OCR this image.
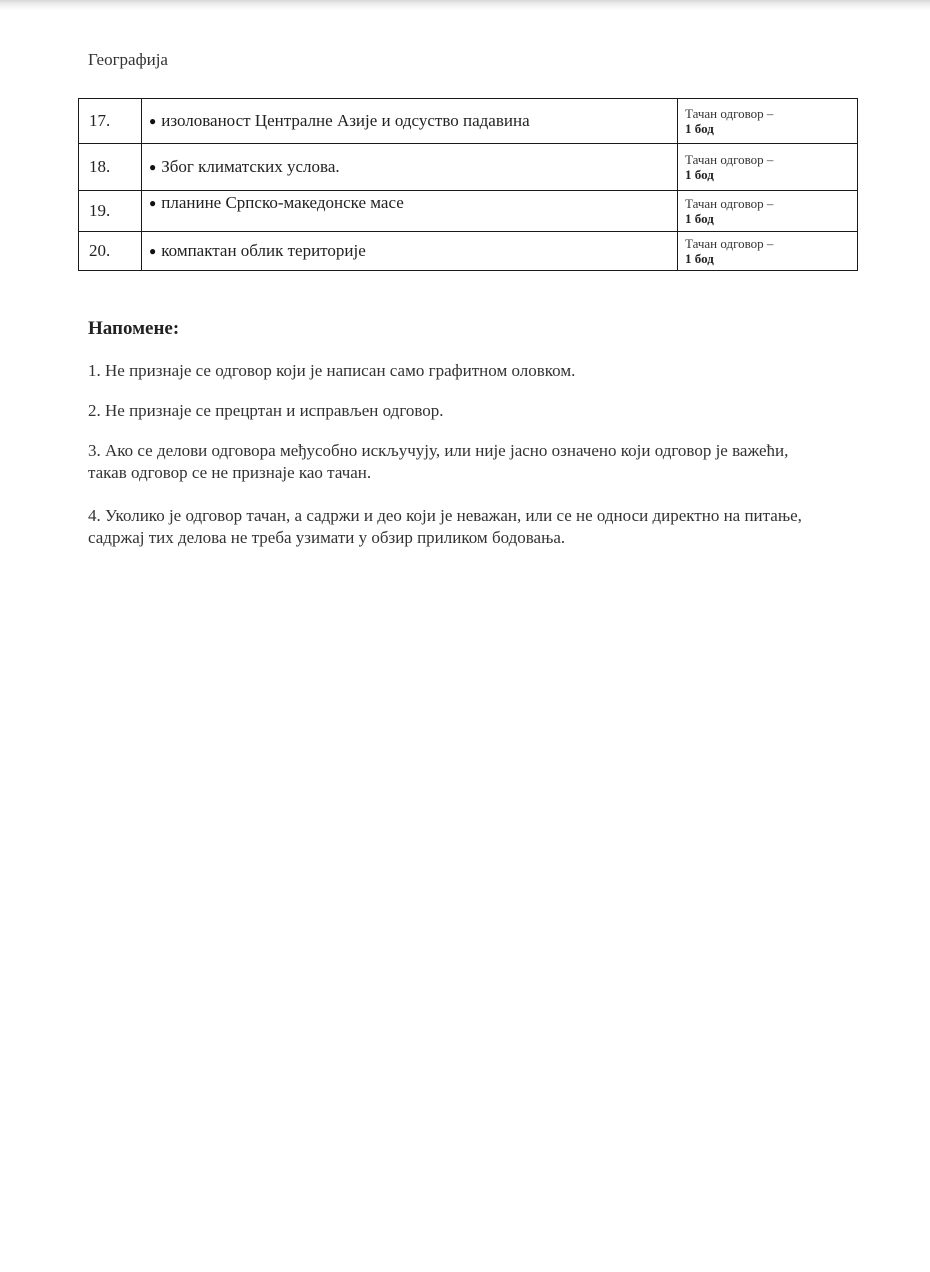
Географија
17.	● изолованост Централне Азије и одсуство падавина	Тачан одговор –
1 бод

18.	● Због климатских услова.	Тачан одговор –
1 бод

19.	● планине Српско-македонске масе	Тачан одговор –
1 бод

20.	● компактан облик територије	Тачан одговор –
1 бод
Напомене:
1. Не признаје се одговор који је написан само графитном оловком.
2. Не признаје се прецртан и исправљен одговор.
3. Ако се делови одговора међусобно искључују, или није јасно означено који одговор је важећи, такав одговор се не признаје као тачан.
4. Уколико је одговор тачан, а садржи и део који је неважан, или се не односи директно на питање, садржај тих делова не треба узимати у обзир приликом бодовања.
